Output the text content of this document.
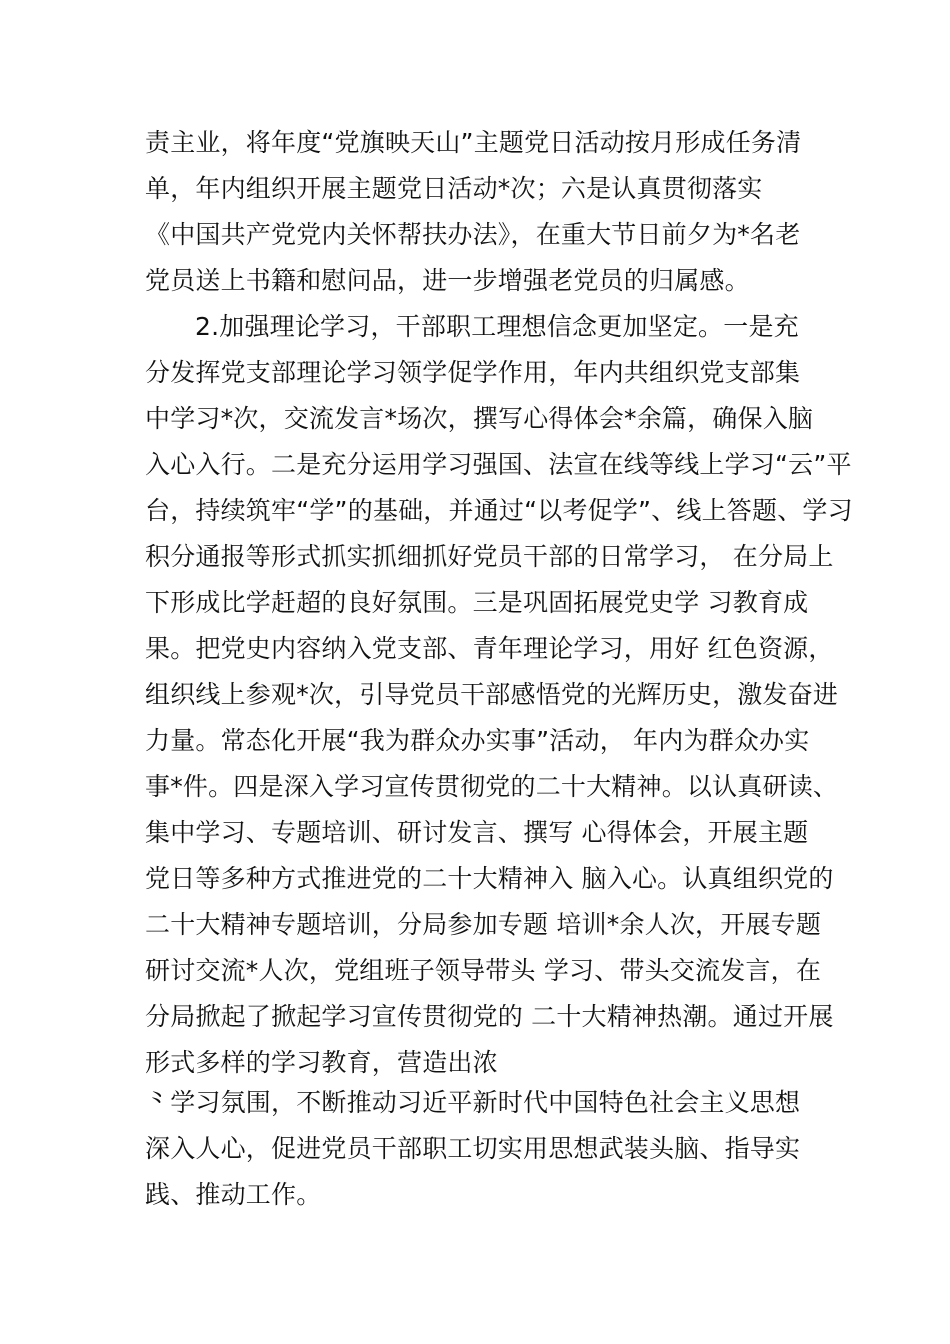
责主业，将年度“党旗映天山”主题党日活动按月形成任务清
单，年内组织开展主题党日活动*次；六是认真贯彻落实
《中国共产党党内关怀帮扶办法》，在重大节日前夕为*名老
党员送上书籍和慰问品，进一步增强老党员的归属感。
2.加强理论学习，干部职工理想信念更加坚定。一是充
分发挥党支部理论学习领学促学作用，年内共组织党支部集
中学习*次，交流发言*场次，撰写心得体会*余篇，确保入脑
入心入行。二是充分运用学习强国、法宣在线等线上学习“云”平
台，持续筑牢“学”的基础，并通过“以考促学”、线上答题、学习
积分通报等形式抓实抓细抓好党员干部的日常学习， 在分局上
下形成比学赶超的良好氛围。三是巩固拓展党史学 习教育成
果。把党史内容纳入党支部、青年理论学习，用好 红色资源，
组织线上参观*次，引导党员干部感悟党的光辉历史，激发奋进
力量。常态化开展“我为群众办实事”活动， 年内为群众办实
事*件。四是深入学习宣传贯彻党的二十大精神。以认真研读、
集中学习、专题培训、研讨发言、撰写 心得体会，开展主题
党日等多种方式推进党的二十大精神入 脑入心。认真组织党的
二十大精神专题培训，分局参加专题 培训*余人次，开展专题
研讨交流*人次，党组班子领导带头 学习、带头交流发言，在
分局掀起了掀起学习宣传贯彻党的 二十大精神热潮。通过开展
形式多样的学习教育，营造出浓
⺀学习氛围，不断推动习近平新时代中国特色社会主义思想
深入人心，促进党员干部职工切实用思想武装头脑、指导实
践、推动工作。
